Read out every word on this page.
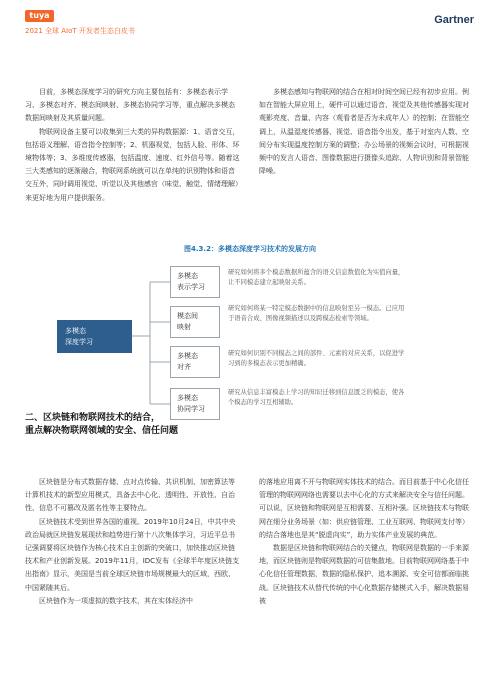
tuya
2021 全球 AIoT 开发者生态白皮书
Gartner

目前，多模态深度学习的研究方向主要包括有：多模态表示学习、多模态对齐、模态间映射、多模态协同学习等，重点解决多模态数据间映射及其质量问题。

物联网设备主要可以收集到三大类的异构数据源：1、语音交互，包括语义理解、语音指令控制等；2、机器视觉，包括人脸、形体、环境物体等；3、多维度传感器，包括温度、速度、红外信号等。随着这三大类感知的逐渐融合，物联网系统就可以在单纯的识别物体和语音交互外，同时调用视觉、听觉以及其他感官（味觉、触觉、情绪理解）来更好地为用户提供服务。

多模态感知与物联网的结合在相对时间空间已经有初步应用。例如在智能大屏应用上，硬件可以通过语音、视觉及其他传感器实现对观影亮度、音量、内容（观看者是否为未成年人）的控制；在智能空调上，从温湿度传感器、视觉、语音指令出发，基于对室内人数、空间分布实现温度控制方案的调整；办公场景的视频会议时，可根据视频中的发言人语音、图像数据进行摄像头追踪、人物识别和背景智能降噪。

图4.3.2：多模态深度学习技术的发展方向
多模态
深度学习
多模态
表示学习
研究如何将多个模态数据所蕴含的语义信息数值化为实值向量，让不同模态建立起映射关系。
模态间
映射
研究如何将某一特定模态数据中的信息映射至另一模态。已应用于语音合成、图像视频描述以及跨模态检索等领域。
多模态
对齐
研究如何识别不同模态之间的部件、元素的对应关系，以促进学习到的多模态表示更加精确。
多模态
协同学习
研究从信息丰富模态上学习的知识迁移到信息匮乏的模态，使各个模态的学习互相辅助。
二、区块链和物联网技术的结合，
重点解决物联网领域的安全、信任问题

区块链是分布式数据存储、点对点传输、共识机制、加密算法等计算机技术的新型应用模式，具备去中心化、透明性、开放性、自治性、信息不可篡改及匿名性等主要特点。

区块链技术受到世界各国的重视。2019年10月24日，中共中央政治局就区块链发展现状和趋势进行第十八次集体学习，习近平总书记强调要将区块链作为核心技术自主创新的突破口，加快推动区块链技术和产业创新发展。2019年11月，IDC发布《全球半年度区块链支出指南》显示，美国是当前全球区块链市场规模最大的区域，西欧、中国紧随其后。

区块链作为一项虚拟的数字技术，其在实体经济中

的落地应用离不开与物联网实体技术的结合。而目前基于中心化信任管理的物联网网络也需要以去中心化的方式来解决安全与信任问题。可以说，区块链和物联网是互相需要、互相补强。区块链技术与物联网在细分业务场景（如：供应链管理、工业互联网、物联网支付等）的结合落地也是其“脱虚向实”，助力实体产业发展的典范。

数据是区块链和物联网结合的关键点，物联网是数据的一手来源地，而区块链则是物联网数据的可信集散地。目前物联网网络基于中心化信任管理数据，数据的隐私保护、追本溯源、安全可信都面临挑战。区块链技术从替代传统的中心化数据存储模式入手，解决数据易被
